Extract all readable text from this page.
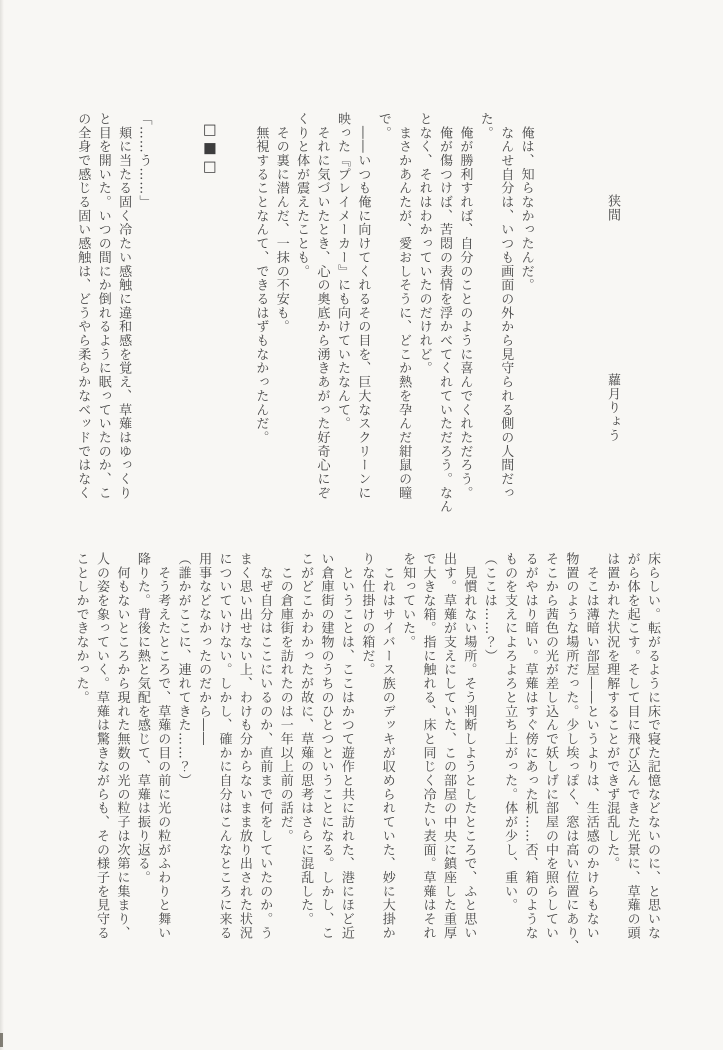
狭間 蘿月りょう
　俺は、知らなかったんだ。
　なんせ自分は、いつも画面の外から見守られる側の人間だっ
た。
　俺が勝利すれば、自分のことのように喜んでくれただろう。
　俺が傷つけば、苦悶の表情を浮かべてくれていただろう。なん
となく、それはわかっていたのだけれど。
　まさかあんたが、愛おしそうに、どこか熱を孕んだ紺鼠の瞳
で。
　――いつも俺に向けてくれるその目を、巨大なスクリーンに
映った『プレイメーカー』にも向けていたなんて。
　それに気づいたとき、心の奥底から湧きあがった好奇心にぞ
くりと体が震えたことも。
　その裏に潜んだ、一抹の不安も。
　無視することなんて、できるはずもなかったんだ。
□■□
「……う……」
　頬に当たる固く冷たい感触に違和感を覚え、草薙はゆっくり
と目を開いた。いつの間にか倒れるように眠っていたのか、こ
の全身で感じる固い感触は、どうやら柔らかなベッドではなく
床らしい。転がるように床で寝た記憶などないのに、と思いな
がら体を起こす。そして目に飛び込んできた光景に、草薙の頭
は置かれた状況を理解することができず混乱した。
　そこは薄暗い部屋――というよりは、生活感のかけらもない
物置のような場所だった。少し埃っぽく、窓は高い位置にあり、
そこから茜色の光が差し込んで妖しげに部屋の中を照らしてい
るがやはり暗い。草薙はすぐ傍にあった机……否、箱のような
ものを支えによろよろと立ち上がった。体が少し、重い。
（ここは……？）
　見慣れない場所。そう判断しようとしたところで、ふと思い
出す。草薙が支えにしていた、この部屋の中央に鎮座した重厚
で大きな箱。指に触れる、床と同じく冷たい表面。草薙はそれ
を知っていた。
　これはサイバース族のデッキが収められていた、妙に大掛か
りな仕掛けの箱だ。
　ということは、ここはかつて遊作と共に訪れた、港にほど近
い倉庫街の建物のうちのひとつということになる。しかし、こ
こがどこかわかったが故に、草薙の思考はさらに混乱した。
　この倉庫街を訪れたのは一年以上前の話だ。
　なぜ自分はここにいるのか、直前まで何をしていたのか。う
まく思い出せない上、わけも分からないまま放り出された状況
についていけない。しかし、確かに自分はこんなところに来る
用事などなかったのだから――
（誰かがここに、連れてきた……？）
　そう考えたところで、草薙の目の前に光の粒がふわりと舞い
降りた。背後に熱と気配を感じて、草薙は振り返る。
　何もないところから現れた無数の光の粒子は次第に集まり、
人の姿を象っていく。草薙は驚きながらも、その様子を見守る
ことしかできなかった。
